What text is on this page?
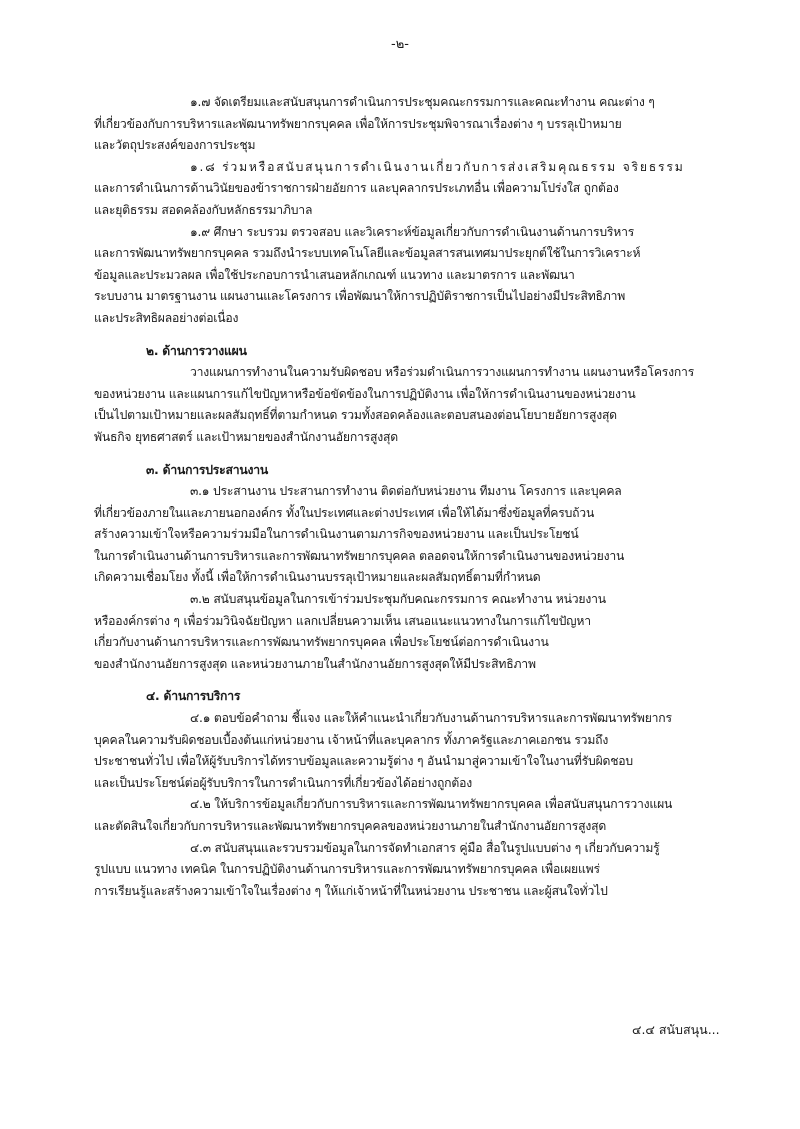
-๒-
๑.๗ จัดเตรียมและสนับสนุนการดำเนินการประชุมคณะกรรมการและคณะทำงาน คณะต่าง ๆ
ที่เกี่ยวข้องกับการบริหารและพัฒนาทรัพยากรบุคคล เพื่อให้การประชุมพิจารณาเรื่องต่าง ๆ บรรลุเป้าหมาย
และวัตถุประสงค์ของการประชุม
๑.๘ ร่วมหรือสนับสนุนการดำเนินงานเกี่ยวกับการส่งเสริมคุณธรรม จริยธรรม
และการดำเนินการด้านวินัยของข้าราชการฝ่ายอัยการ และบุคลากรประเภทอื่น เพื่อความโปร่งใส ถูกต้อง
และยุติธรรม สอดคล้องกับหลักธรรมาภิบาล
๑.๙ ศึกษา ระบรวม ตรวจสอบ และวิเคราะห์ข้อมูลเกี่ยวกับการดำเนินงานด้านการบริหาร
และการพัฒนาทรัพยากรบุคคล รวมถึงนำระบบเทคโนโลยีและข้อมูลสารสนเทศมาประยุกต์ใช้ในการวิเคราะห์
ข้อมูลและประมวลผล เพื่อใช้ประกอบการนำเสนอหลักเกณฑ์ แนวทาง และมาตรการ และพัฒนา
ระบบงาน มาตรฐานงาน แผนงานและโครงการ เพื่อพัฒนาให้การปฏิบัติราชการเป็นไปอย่างมีประสิทธิภาพ
และประสิทธิผลอย่างต่อเนื่อง
๒. ด้านการวางแผน
วางแผนการทำงานในความรับผิดชอบ หรือร่วมดำเนินการวางแผนการทำงาน แผนงานหรือโครงการ
ของหน่วยงาน และแผนการแก้ไขปัญหาหรือข้อขัดข้องในการปฏิบัติงาน เพื่อให้การดำเนินงานของหน่วยงาน
เป็นไปตามเป้าหมายและผลสัมฤทธิ์ที่ตามกำหนด รวมทั้งสอดคล้องและตอบสนองต่อนโยบายอัยการสูงสุด
พันธกิจ ยุทธศาสตร์ และเป้าหมายของสำนักงานอัยการสูงสุด
๓. ด้านการประสานงาน
๓.๑ ประสานงาน ประสานการทำงาน ติดต่อกับหน่วยงาน ทีมงาน โครงการ และบุคคล
ที่เกี่ยวข้องภายในและภายนอกองค์กร ทั้งในประเทศและต่างประเทศ เพื่อให้ได้มาซึ่งข้อมูลที่ครบถ้วน
สร้างความเข้าใจหรือความร่วมมือในการดำเนินงานตามภารกิจของหน่วยงาน และเป็นประโยชน์
ในการดำเนินงานด้านการบริหารและการพัฒนาทรัพยากรบุคคล ตลอดจนให้การดำเนินงานของหน่วยงาน
เกิดความเชื่อมโยง ทั้งนี้ เพื่อให้การดำเนินงานบรรลุเป้าหมายและผลสัมฤทธิ์ตามที่กำหนด
๓.๒ สนับสนุนข้อมูลในการเข้าร่วมประชุมกับคณะกรรมการ คณะทำงาน หน่วยงาน
หรือองค์กรต่าง ๆ เพื่อร่วมวินิจฉัยปัญหา แลกเปลี่ยนความเห็น เสนอแนะแนวทางในการแก้ไขปัญหา
เกี่ยวกับงานด้านการบริหารและการพัฒนาทรัพยากรบุคคล เพื่อประโยชน์ต่อการดำเนินงาน
ของสำนักงานอัยการสูงสุด และหน่วยงานภายในสำนักงานอัยการสูงสุดให้มีประสิทธิภาพ
๔. ด้านการบริการ
๔.๑ ตอบข้อคำถาม ชี้แจง และให้คำแนะนำเกี่ยวกับงานด้านการบริหารและการพัฒนาทรัพยากร
บุคคลในความรับผิดชอบเบื้องต้นแก่หน่วยงาน เจ้าหน้าที่และบุคลากร ทั้งภาครัฐและภาคเอกชน รวมถึง
ประชาชนทั่วไป เพื่อให้ผู้รับบริการได้ทราบข้อมูลและความรู้ต่าง ๆ อันนำมาสู่ความเข้าใจในงานที่รับผิดชอบ
และเป็นประโยชน์ต่อผู้รับบริการในการดำเนินการที่เกี่ยวข้องได้อย่างถูกต้อง
๔.๒ ให้บริการข้อมูลเกี่ยวกับการบริหารและการพัฒนาทรัพยากรบุคคล เพื่อสนับสนุนการวางแผน
และตัดสินใจเกี่ยวกับการบริหารและพัฒนาทรัพยากรบุคคลของหน่วยงานภายในสำนักงานอัยการสูงสุด
๔.๓ สนับสนุนและรวบรวมข้อมูลในการจัดทำเอกสาร คู่มือ สื่อในรูปแบบต่าง ๆ เกี่ยวกับความรู้
รูปแบบ แนวทาง เทคนิค ในการปฏิบัติงานด้านการบริหารและการพัฒนาทรัพยากรบุคคล เพื่อเผยแพร่
การเรียนรู้และสร้างความเข้าใจในเรื่องต่าง ๆ ให้แก่เจ้าหน้าที่ในหน่วยงาน ประชาชน และผู้สนใจทั่วไป
๔.๔ สนับสนุน...
